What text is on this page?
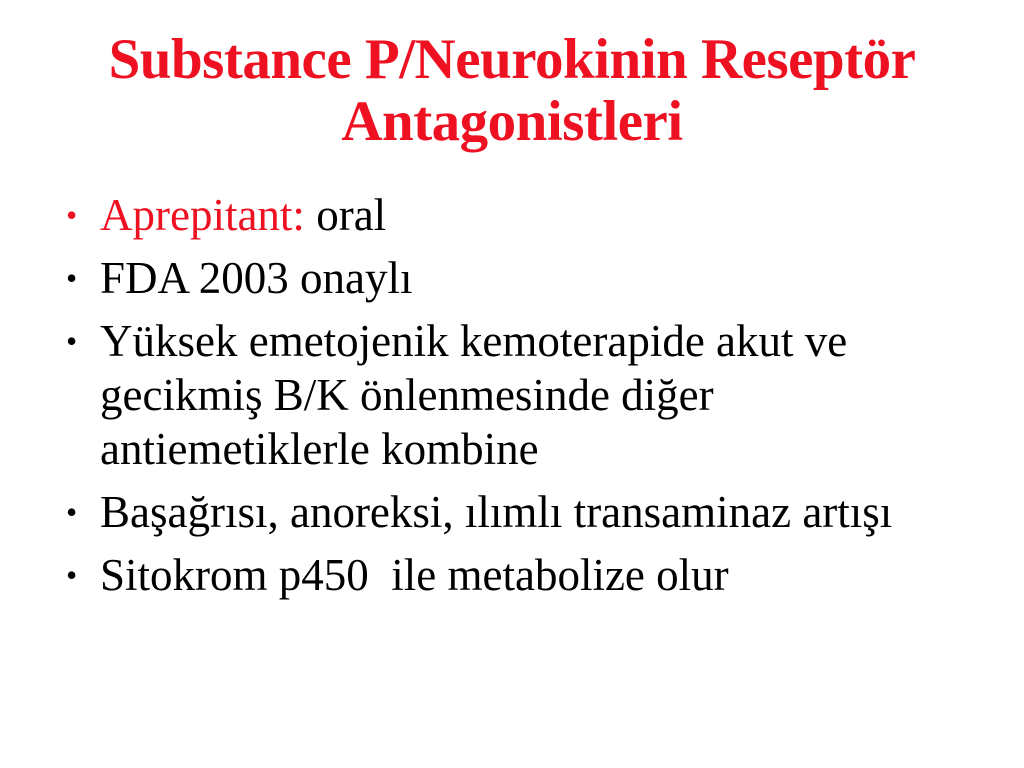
Substance P/Neurokinin Reseptör
Antagonistleri
• Aprepitant: oral
• FDA 2003 onaylı
• Yüksek emetojenik kemoterapide akut ve gecikmiş B/K önlenmesinde diğer antiemetiklerle kombine
• Başağrısı, anoreksi, ılımlı transaminaz artışı
• Sitokrom p450  ile metabolize olur
